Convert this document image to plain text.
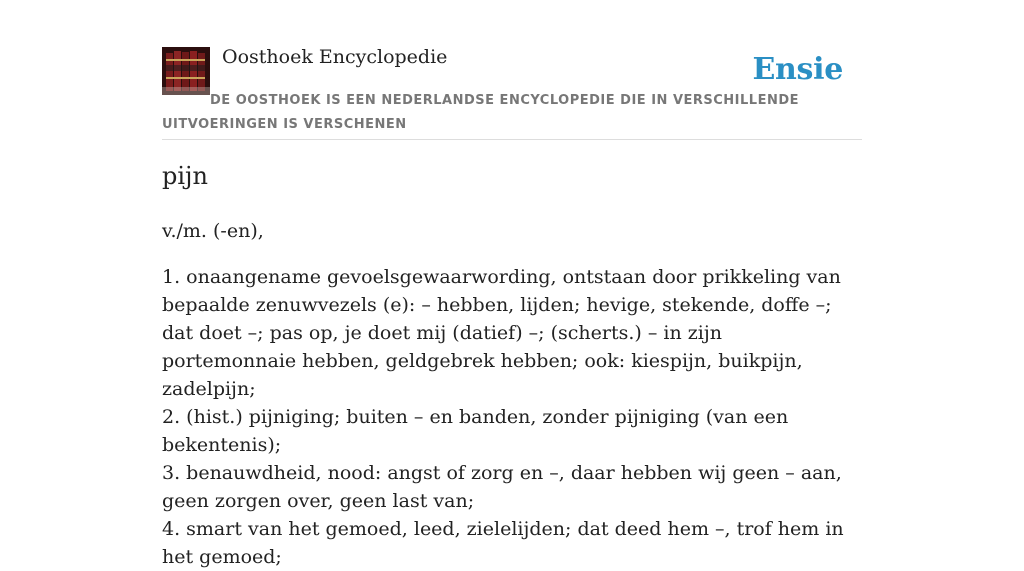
Oosthoek Encyclopedie	Ensie
DE OOSTHOEK IS EEN NEDERLANDSE ENCYCLOPEDIE DIE IN VERSCHILLENDE UITVOERINGEN IS VERSCHENEN
pijn
v./m. (-en),

1. onaangename gevoelsgewaarwording, ontstaan door prikkeling van bepaalde zenuwvezels (e): – hebben, lijden; hevige, stekende, doffe –; dat doet –; pas op, je doet mij (datief) –; (scherts.) – in zijn portemonnaie hebben, geldgebrek hebben; ook: kiespijn, buikpijn, zadelpijn;

2. (hist.) pijniging; buiten – en banden, zonder pijniging (van een bekentenis);

3. benauwdheid, nood: angst of zorg en –, daar hebben wij geen – aan, geen zorgen over, geen last van;

4. smart van het gemoed, leed, zielelijden; dat deed hem –, trof hem in het gemoed;
